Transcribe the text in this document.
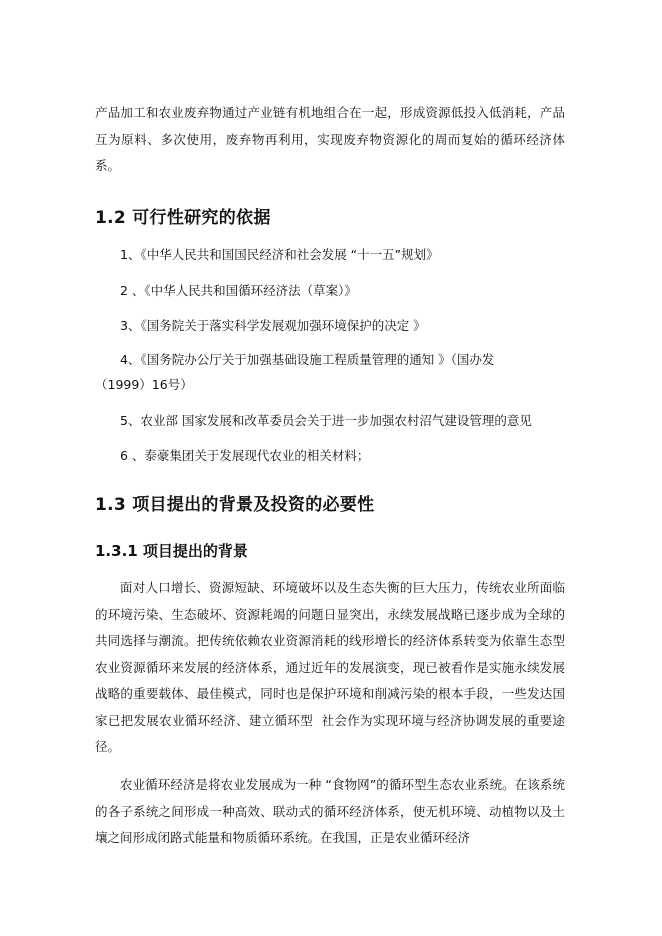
产品加工和农业废弃物通过产业链有机地组合在一起，形成资源低投入低消耗，产品互为原料、多次使用，废弃物再利用，实现废弃物资源化的周而复始的循环经济体系。

1.2 可行性研究的依据
1、《中华人民共和国国民经济和社会发展 “十一五”规划》
2 、《中华人民共和国循环经济法（草案）》
3、《国务院关于落实科学发展观加强环境保护的决定 》
4、《国务院办公厅关于加强基础设施工程质量管理的通知 》（国办发
（1999）16号）
5、农业部 国家发展和改革委员会关于进一步加强农村沼气建设管理的意见
6 、泰豪集团关于发展现代农业的相关材料；
1.3 项目提出的背景及投资的必要性
1.3.1 项目提出的背景

面对人口增长、资源短缺、环境破坏以及生态失衡的巨大压力，传统农业所面临的环境污染、生态破坏、资源耗竭的问题日显突出，永续发展战略已逐步成为全球的共同选择与潮流。把传统依赖农业资源消耗的线形增长的经济体系转变为依靠生态型农业资源循环来发展的经济体系，通过近年的发展演变，现已被看作是实施永续发展战略的重要载体、最佳模式，同时也是保护环境和削减污染的根本手段，一些发达国家已把发展农业循环经济、建立循环型  社会作为实现环境与经济协调发展的重要途径。

农业循环经济是将农业发展成为一种 “食物网”的循环型生态农业系统。在该系统的各子系统之间形成一种高效、联动式的循环经济体系，使无机环境、动植物以及土壤之间形成闭路式能量和物质循环系统。在我国，正是农业循环经济
